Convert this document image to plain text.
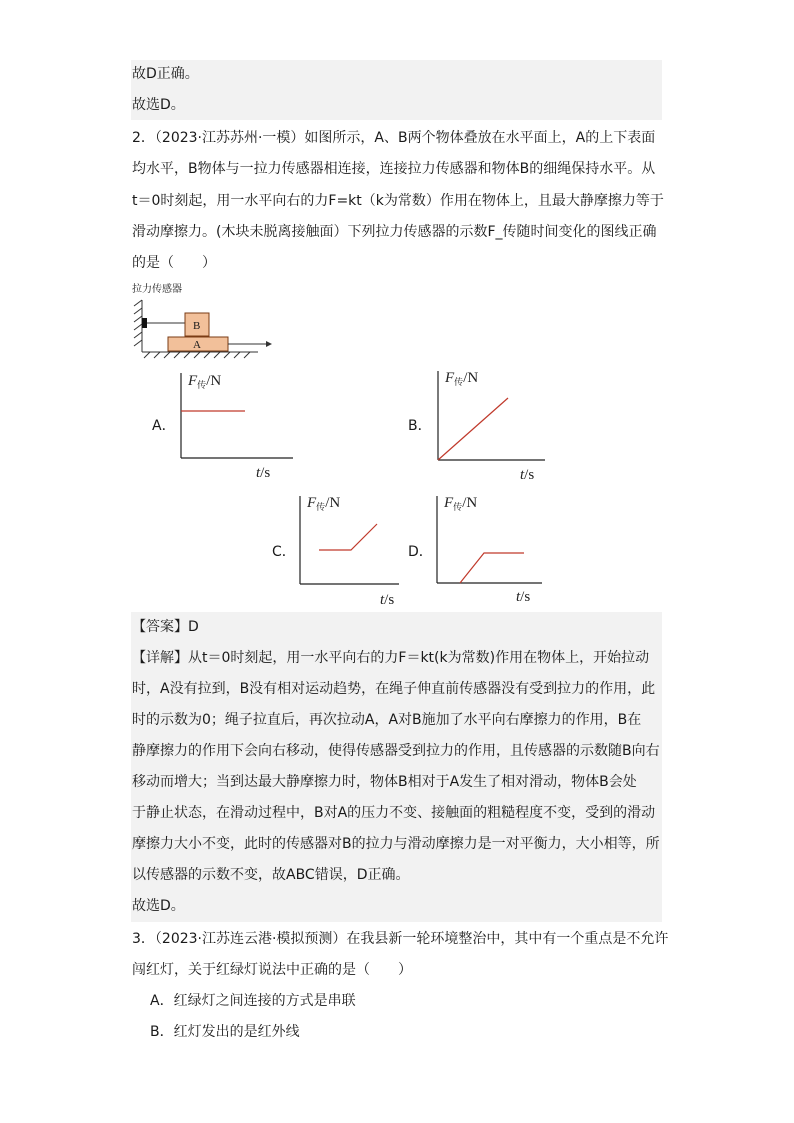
故D正确。
故选D。
2．（2023·江苏苏州·一模）如图所示，A、B两个物体叠放在水平面上，A的上下表面
均水平，B物体与一拉力传感器相连接，连接拉力传感器和物体B的细绳保持水平。从
t＝0时刻起，用一水平向右的力F=kt（k为常数）作用在物体上，且最大静摩擦力等于
滑动摩擦力。(木块未脱离接触面）下列拉力传感器的示数F_传随时间变化的图线正确
的是（　　）
拉力传感器
B
A
A．
$F_传/N$
t/s
B．
$F_传/N$
t/s
C．
$F_传/N$
t/s
D．
$F_传/N$
t/s
【答案】D
【详解】从t＝0时刻起，用一水平向右的力F＝kt(k为常数)作用在物体上，开始拉动
时，A没有拉到，B没有相对运动趋势，在绳子伸直前传感器没有受到拉力的作用，此
时的示数为0；绳子拉直后，再次拉动A，A对B施加了水平向右摩擦力的作用，B在
静摩擦力的作用下会向右移动，使得传感器受到拉力的作用，且传感器的示数随B向右
移动而增大；当到达最大静摩擦力时，物体B相对于A发生了相对滑动，物体B会处
于静止状态，在滑动过程中，B对A的压力不变、接触面的粗糙程度不变，受到的滑动
摩擦力大小不变，此时的传感器对B的拉力与滑动摩擦力是一对平衡力，大小相等，所
以传感器的示数不变，故ABC错误，D正确。
故选D。
3．（2023·江苏连云港·模拟预测）在我县新一轮环境整治中，其中有一个重点是不允许
闯红灯，关于红绿灯说法中正确的是（　　）
A．红绿灯之间连接的方式是串联
B．红灯发出的是红外线
